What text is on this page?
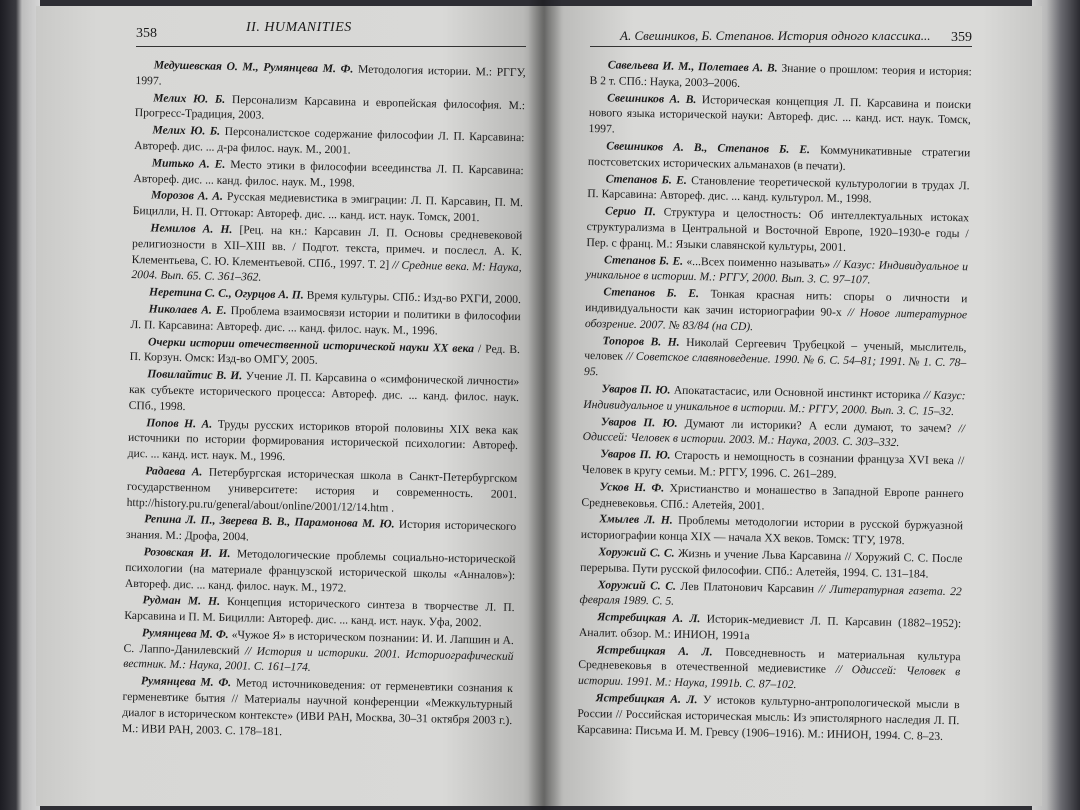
358	II. HUMANITIES

Медушевская О. М., Румянцева М. Ф. Методология истории. М.: РГГУ, 1997.

Мелих Ю. Б. Персонализм Карсавина и европейская философия. М.: Прогресс-Традиция, 2003.

Мелих Ю. Б. Персоналистское содержание философии Л. П. Карсавина: Автореф. дис. ... д-ра филос. наук. М., 2001.

Митько А. Е. Место этики в философии всеединства Л. П. Карсавина: Автореф. дис. ... канд. филос. наук. М., 1998.

Морозов А. А. Русская медиевистика в эмиграции: Л. П. Карсавин, П. М. Бицилли, Н. П. Оттокар: Автореф. дис. ... канд. ист. наук. Томск, 2001.

Немилов А. Н. [Рец. на кн.: Карсавин Л. П. Основы средневековой религиозности в XII–XIII вв. / Подгот. текста, примеч. и послесл. А. К. Клементьева, С. Ю. Клементьевой. СПб., 1997. Т. 2] // Средние века. М: Наука, 2004. Вып. 65. С. 361–362.

Неретина С. С., Огурцов А. П. Время культуры. СПб.: Изд-во РХГИ, 2000.

Николаев А. Е. Проблема взаимосвязи истории и политики в философии Л. П. Карсавина: Автореф. дис. ... канд. филос. наук. М., 1996.

Очерки истории отечественной исторической науки XX века / Ред. В. П. Корзун. Омск: Изд-во ОМГУ, 2005.

Повилайтис В. И. Учение Л. П. Карсавина о «симфонической личности» как субъекте исторического процесса: Автореф. дис. ... канд. филос. наук. СПб., 1998.

Попов Н. А. Труды русских историков второй половины XIX века как источники по истории формирования исторической психологии: Автореф. дис. ... канд. ист. наук. М., 1996.

Радаева А. Петербургская историческая школа в Санкт-Петербургском государственном университете: история и современность. 2001. http://history.pu.ru/general/about/online/2001/12/14.htm .

Репина Л. П., Зверева В. В., Парамонова М. Ю. История исторического знания. М.: Дрофа, 2004.

Розовская И. И. Методологические проблемы социально-исторической психологии (на материале французской исторической школы «Анналов»): Автореф. дис. ... канд. филос. наук. М., 1972.

Рудман М. Н. Концепция исторического синтеза в творчестве Л. П. Карсавина и П. М. Бицилли: Автореф. дис. ... канд. ист. наук. Уфа, 2002.

Румянцева М. Ф. «Чужое Я» в историческом познании: И. И. Лапшин и А. С. Лаппо-Данилевский // История и историки. 2001. Историографический вестник. М.: Наука, 2001. С. 161–174.

Румянцева М. Ф. Метод источниковедения: от герменевтики сознания к герменевтике бытия // Материалы научной конференции «Межкультурный диалог в историческом контексте» (ИВИ РАН, Москва, 30–31 октября 2003 г.). М.: ИВИ РАН, 2003. С. 178–181.

А. Свешников, Б. Степанов. История одного классика... 359

Савельева И. М., Полетаев А. В. Знание о прошлом: теория и история: В 2 т. СПб.: Наука, 2003–2006.

Свешников А. В. Историческая концепция Л. П. Карсавина и поиски нового языка исторической науки: Автореф. дис. ... канд. ист. наук. Томск, 1997.

Свешников А. В., Степанов Б. Е. Коммуникативные стратегии постсоветских исторических альманахов (в печати).

Степанов Б. Е. Становление теоретической культурологии в трудах Л. П. Карсавина: Автореф. дис. ... канд. культурол. М., 1998.

Серио П. Структура и целостность: Об интеллектуальных истоках структурализма в Центральной и Восточной Европе, 1920–1930-е годы / Пер. с франц. М.: Языки славянской культуры, 2001.

Степанов Б. Е. «...Всех поименно называть» // Казус: Индивидуальное и уникальное в истории. М.: РГГУ, 2000. Вып. 3. С. 97–107.

Степанов Б. Е. Тонкая красная нить: споры о личности и индивидуальности как зачин историографии 90-х // Новое литературное обозрение. 2007. № 83/84 (на CD).

Топоров В. Н. Николай Сергеевич Трубецкой – ученый, мыслитель, человек // Советское славяноведение. 1990. № 6. С. 54–81; 1991. № 1. С. 78–95.

Уваров П. Ю. Апокатастасис, или Основной инстинкт историка // Казус: Индивидуальное и уникальное в истории. М.: РГГУ, 2000. Вып. 3. С. 15–32.

Уваров П. Ю. Думают ли историки? А если думают, то зачем? // Одиссей: Человек в истории. 2003. М.: Наука, 2003. С. 303–332.

Уваров П. Ю. Старость и немощность в сознании француза XVI века // Человек в кругу семьи. М.: РГГУ, 1996. С. 261–289.

Усков Н. Ф. Христианство и монашество в Западной Европе раннего Средневековья. СПб.: Алетейя, 2001.

Хмылев Л. Н. Проблемы методологии истории в русской буржуазной историографии конца XIX — начала XX веков. Томск: ТГУ, 1978.

Хоружий С. С. Жизнь и учение Льва Карсавина // Хоружий С. С. После перерыва. Пути русской философии. СПб.: Алетейя, 1994. С. 131–184.

Хоружий С. С. Лев Платонович Карсавин // Литературная газета. 22 февраля 1989. С. 5.

Ястребицкая А. Л. Историк-медиевист Л. П. Карсавин (1882–1952): Аналит. обзор. М.: ИНИОН, 1991а

Ястребицкая А. Л. Повседневность и материальная культура Средневековья в отечественной медиевистике // Одиссей: Человек в истории. 1991. М.: Наука, 1991b. С. 87–102.

Ястребицкая А. Л. У истоков культурно-антропологической мысли в России // Российская историческая мысль: Из эпистолярного наследия Л. П. Карсавина: Письма И. М. Гревсу (1906–1916). М.: ИНИОН, 1994. С. 8–23.
